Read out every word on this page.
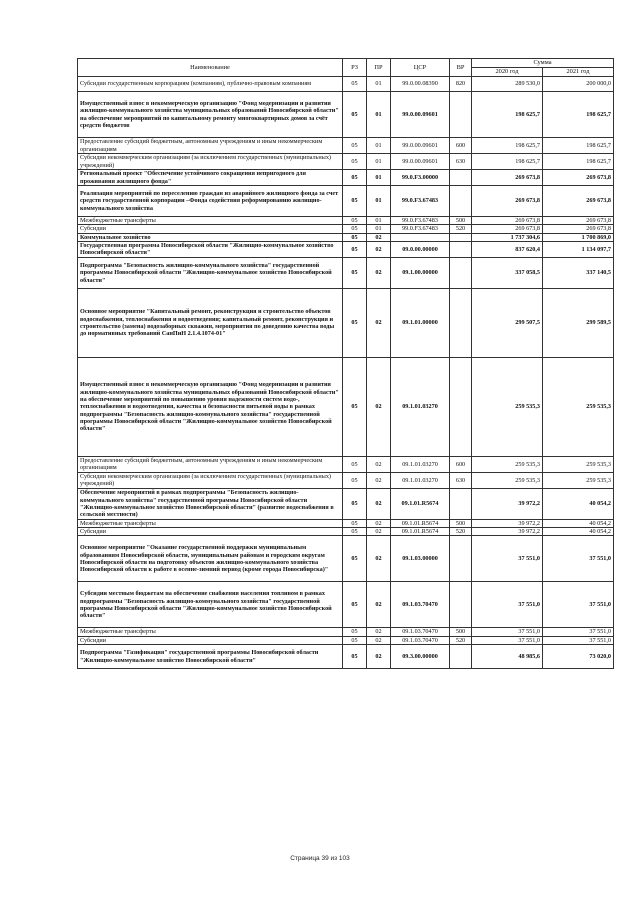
Наименование	РЗ	ПР	ЦСР	ВР	Сумма	
					2020 год	2021 год
Субсидии государственным корпорациям (компаниям), публично-правовым компаниям	05	01	99.0.00.08390	820	289 530,0	200 000,0
Имущественный взнос в некоммерческую организацию "Фонд модернизации и развития жилищно-коммунального хозяйства муниципальных образований Новосибирской области" на обеспечение мероприятий по капитальному ремонту многоквартирных домов за счёт средств бюджетов	05	01	99.0.00.09601		198 625,7	198 625,7
Предоставление субсидий бюджетным, автономным учреждениям и иным некоммерческим организациям	05	01	99.0.00.09601	600	198 625,7	198 625,7
Субсидии некоммерческим организациям (за исключением государственных (муниципальных) учреждений)	05	01	99.0.00.09601	630	198 625,7	198 625,7
Региональный проект "Обеспечение устойчивого сокращения непригодного для проживания жилищного фонда"	05	01	99.0.F3.00000		269 673,8	269 673,8
Реализация мероприятий по переселению граждан из аварийного жилищного фонда за счет средств государственной корпорации –Фонда содействия реформированию жилищно-коммунального хозяйства	05	01	99.0.F3.67483		269 673,8	269 673,8
Межбюджетные трансферты	05	01	99.0.F3.67483	500	269 673,8	269 673,8
Субсидии	05	01	99.0.F3.67483	520	269 673,8	269 673,8
Коммунальное хозяйство	05	02			1 737 304,6	1 700 869,0
Государственная программа Новосибирской области "Жилищно-коммунальное хозяйство Новосибирской области"	05	02	09.0.00.00000		837 620,4	1 134 097,7
Подпрограмма "Безопасность жилищно-коммунального хозяйства" государственной программы Новосибирской области "Жилищно-коммунальное хозяйство Новосибирской области"	05	02	09.1.00.00000		337 058,5	337 140,5
Основное мероприятие "Капитальный ремонт, реконструкция и строительство объектов водоснабжения, теплоснабжения и водоотведения; капитальный ремонт, реконструкция и строительство (замена) водозаборных скважин, мероприятия по доведению качества воды до нормативных требований СанПиН 2.1.4.1074-01"	05	02	09.1.01.00000		299 507,5	299 589,5
Имущественный взнос в некоммерческую организацию "Фонд модернизации и развития жилищно-коммунального хозяйства муниципальных образований Новосибирской области" на обеспечение мероприятий по повышению уровня надежности систем водо-, теплоснабжения и водоотведения, качества и безопасности питьевой воды в рамках подпрограммы "Безопасность жилищно-коммунального хозяйства" государственной программы Новосибирской области "Жилищно-коммунальное хозяйство Новосибирской области"	05	02	09.1.01.03270		259 535,3	259 535,3
Предоставление субсидий бюджетным, автономным учреждениям и иным некоммерческим организациям	05	02	09.1.01.03270	600	259 535,3	259 535,3
Субсидии некоммерческим организациям (за исключением государственных (муниципальных) учреждений)	05	02	09.1.01.03270	630	259 535,3	259 535,3
Обеспечение мероприятий в рамках подпрограммы "Безопасность жилищно-коммунального хозяйства" государственной программы Новосибирской области "Жилищно-коммунальное хозяйство Новосибирской области" (развитие водоснабжения в сельской местности)	05	02	09.1.01.R5674		39 972,2	40 054,2
Межбюджетные трансферты	05	02	09.1.01.R5674	500	39 972,2	40 054,2
Субсидии	05	02	09.1.01.R5674	520	39 972,2	40 054,2
Основное мероприятие "Оказание государственной поддержки муниципальным образованиям Новосибирской области, муниципальным районам и городским округам Новосибирской области на подготовку объектов жилищно-коммунального хозяйства Новосибирской области к работе в осенне-зимний период (кроме города Новосибирска)"	05	02	09.1.03.00000		37 551,0	37 551,0
Субсидии местным бюджетам на обеспечение снабжения населения топливом в рамках подпрограммы "Безопасность жилищно-коммунального хозяйства" государственной программы Новосибирской области "Жилищно-коммунальное хозяйство Новосибирской области"	05	02	09.1.03.70470		37 551,0	37 551,0
Межбюджетные трансферты	05	02	09.1.03.70470	500	37 551,0	37 551,0
Субсидии	05	02	09.1.03.70470	520	37 551,0	37 551,0
Подпрограмма "Газификация" государственной программы Новосибирской области "Жилищно-коммунальное хозяйство Новосибирской области"	05	02	09.3.00.00000		48 985,6	73 020,0
Страница 39 из 103
